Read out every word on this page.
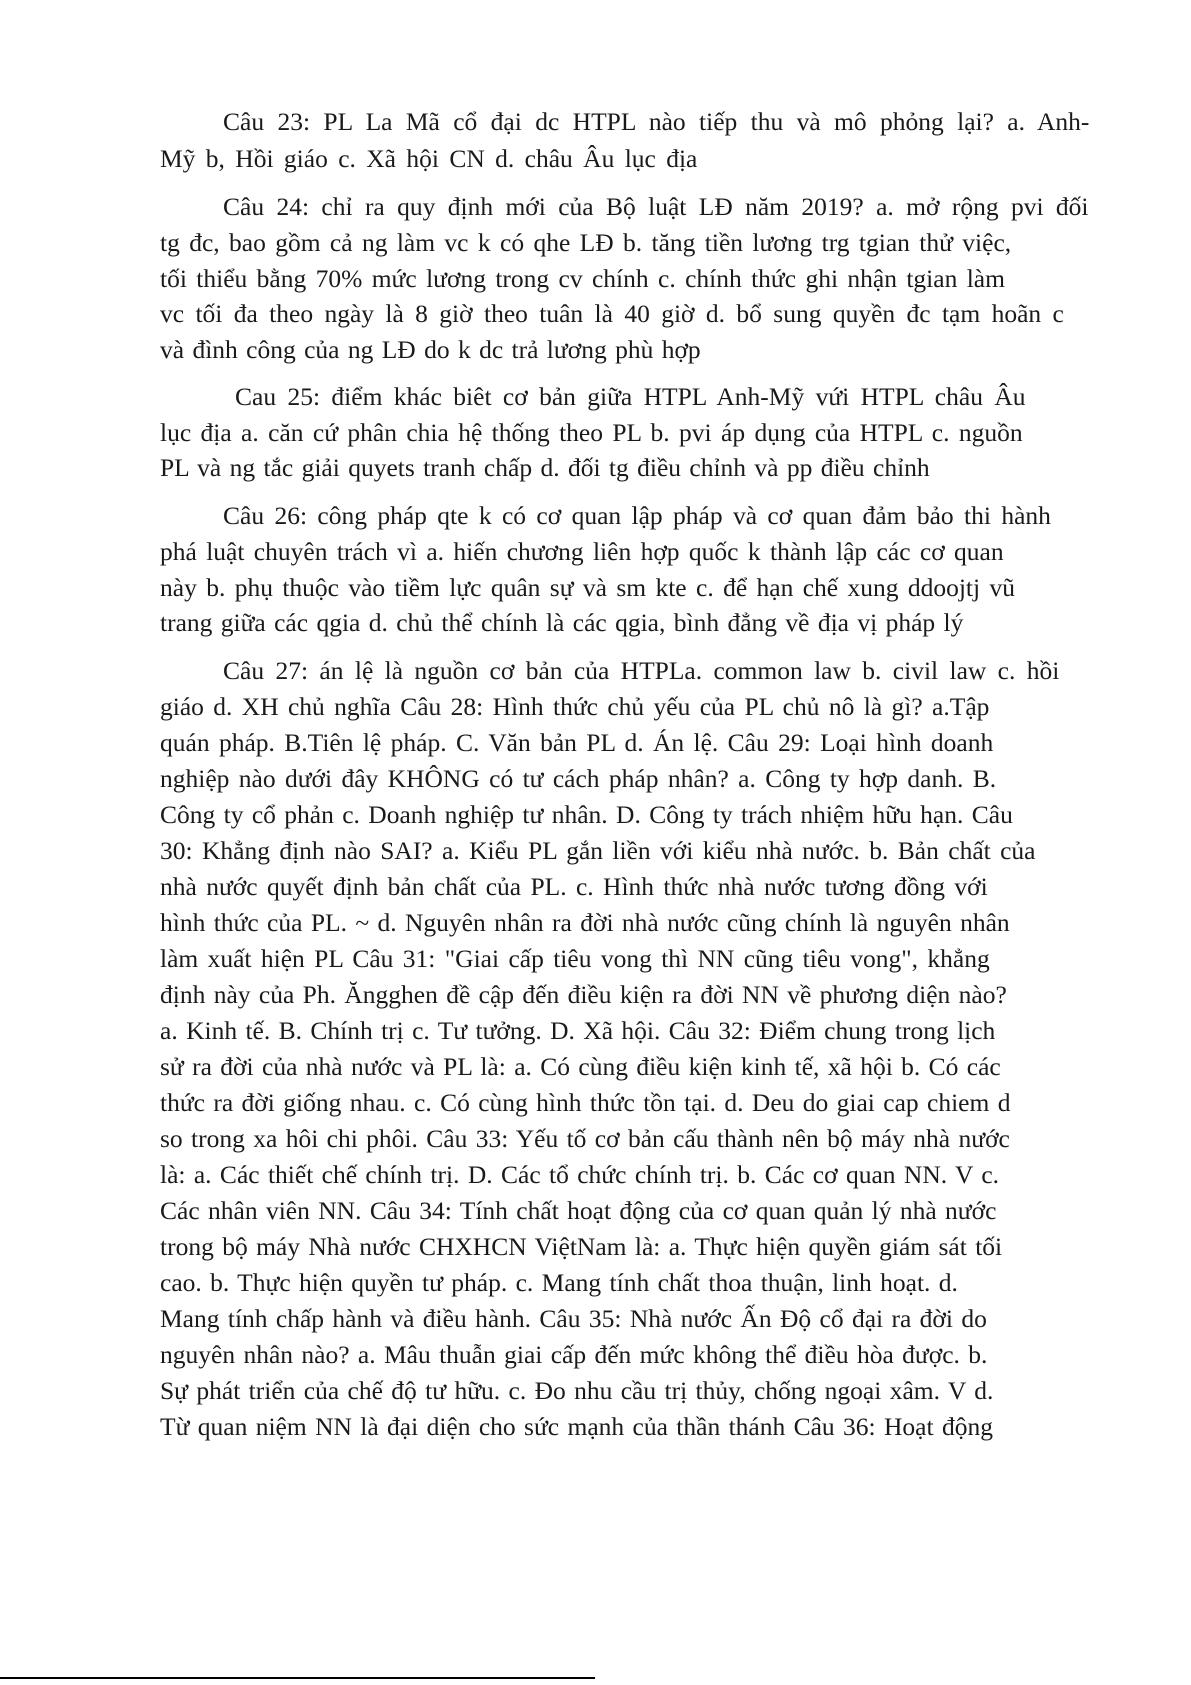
Câu 23: PL La Mã cổ đại dc HTPL nào tiếp thu và mô phỏng lại? a. Anh-

Mỹ b, Hồi giáo c. Xã hội CN d. châu Âu lục địa

Câu 24: chỉ ra quy định mới của Bộ luật LĐ năm 2019? a. mở rộng pvi đối

tg đc, bao gồm cả ng làm vc k có qhe LĐ b. tăng tiền lương trg tgian thử việc,

tối thiểu bằng 70% mức lương trong cv chính c. chính thức ghi nhận tgian làm

vc tối đa theo ngày là 8 giờ theo tuân là 40 giờ d. bổ sung quyền đc tạm hoãn c

và đình công của ng LĐ do k dc trả lương phù hợp

Cau 25: điểm khác biêt cơ bản giữa HTPL Anh-Mỹ vứi HTPL châu Âu

lục địa a. căn cứ phân chia hệ thống theo PL b. pvi áp dụng của HTPL c. nguồn

PL và ng tắc giải quyets tranh chấp d. đối tg điều chỉnh và pp điều chỉnh

Câu 26: công pháp qte k có cơ quan lập pháp và cơ quan đảm bảo thi hành

phá luật chuyên trách vì a. hiến chương liên hợp quốc k thành lập các cơ quan

này b. phụ thuộc vào tiềm lực quân sự và sm kte c. để hạn chế xung ddoojtj vũ

trang giữa các qgia d. chủ thể chính là các qgia, bình đẳng về địa vị pháp lý

Câu 27: án lệ là nguồn cơ bản của HTPLa. common law b. civil law c. hồi

giáo d. XH chủ nghĩa Câu 28: Hình thức chủ yếu của PL chủ nô là gì? a.Tập

quán pháp. B.Tiên lệ pháp. C. Văn bản PL d. Án lệ. Câu 29: Loại hình doanh

nghiệp nào dưới đây KHÔNG có tư cách pháp nhân? a. Công ty hợp danh. B.

Công ty cổ phản c. Doanh nghiệp tư nhân. D. Công ty trách nhiệm hữu hạn. Câu

30: Khẳng định nào SAI? a. Kiểu PL gắn liền với kiểu nhà nước. b. Bản chất của

nhà nước quyết định bản chất của PL. c. Hình thức nhà nước tương đồng với

hình thức của PL. ~ d. Nguyên nhân ra đời nhà nước cũng chính là nguyên nhân

làm xuất hiện PL Câu 31: "Giai cấp tiêu vong thì NN cũng tiêu vong", khẳng

định này của Ph. Ăngghen đề cập đến điều kiện ra đời NN về phương diện nào?

a. Kinh tế. B. Chính trị c. Tư tưởng. D. Xã hội. Câu 32: Điểm chung trong lịch

sử ra đời của nhà nước và PL là: a. Có cùng điều kiện kinh tế, xã hội b. Có các

thức ra đời giống nhau. c. Có cùng hình thức tồn tại. d. Deu do giai cap chiem d

so trong xa hôi chi phôi. Câu 33: Yếu tố cơ bản cấu thành nên bộ máy nhà nước

là: a. Các thiết chế chính trị. D. Các tổ chức chính trị. b. Các cơ quan NN. V c.

Các nhân viên NN. Câu 34: Tính chất hoạt động của cơ quan quản lý nhà nước

trong bộ máy Nhà nước CHXHCN ViệtNam là: a. Thực hiện quyền giám sát tối

cao. b. Thực hiện quyền tư pháp. c. Mang tính chất thoa thuận, linh hoạt. d.

Mang tính chấp hành và điều hành. Câu 35: Nhà nước Ấn Độ cổ đại ra đời do

nguyên nhân nào? a. Mâu thuẫn giai cấp đến mức không thể điều hòa được. b.

Sự phát triển của chế độ tư hữu. c. Đo nhu cầu trị thủy, chống ngoại xâm. V d.

Từ quan niệm NN là đại diện cho sức mạnh của thần thánh Câu 36: Hoạt động
